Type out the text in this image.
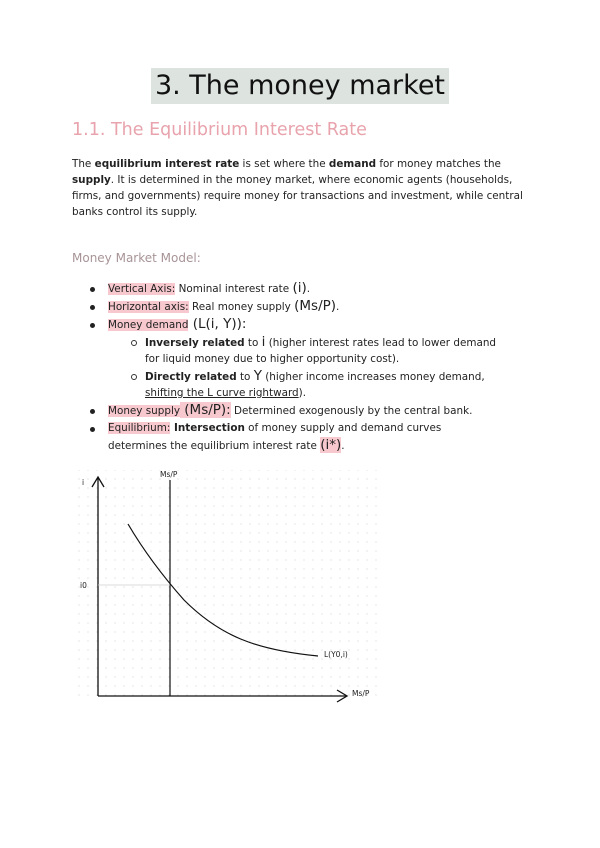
3. The money market
1.1. The Equilibrium Interest Rate
The equilibrium interest rate is set where the demand for money matches the supply. It is determined in the money market, where economic agents (households, firms, and governments) require money for transactions and investment, while central banks control its supply.
Money Market Model:
Vertical Axis: Nominal interest rate (i).
Horizontal axis: Real money supply (Ms/P).
Money demand (L(i, Y)):
Inversely related to i (higher interest rates lead to lower demand
for liquid money due to higher opportunity cost).
Directly related to Y (higher income increases money demand,
shifting the L curve rightward).
Money supply (Ms/P): Determined exogenously by the central bank.
Equilibrium: Intersection of money supply and demand curves
determines the equilibrium interest rate (i*).
i
Ms/P
i0
L(Y0,i)
Ms/P
